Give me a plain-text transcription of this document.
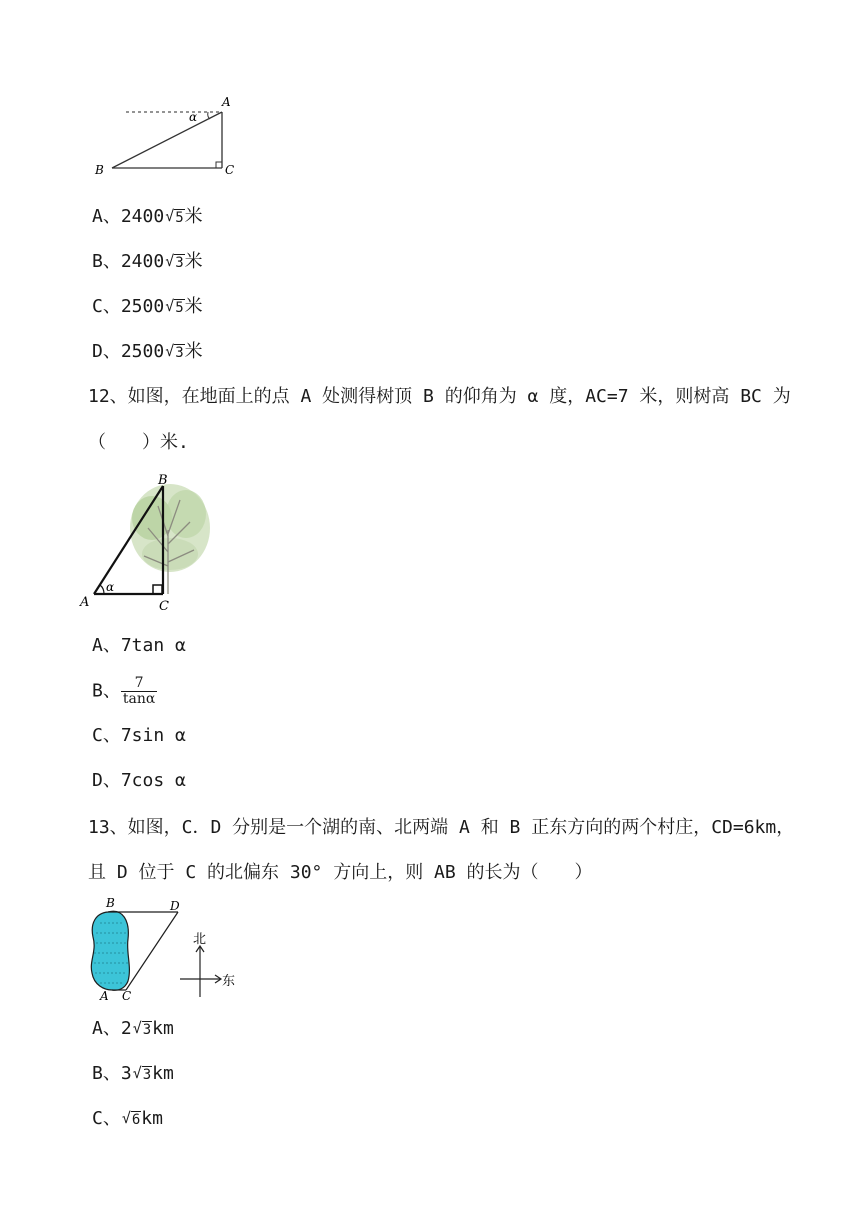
α
A
B	C
A、2400 √ 5米
B、2400 √ 3米
C、2500 √ 5米
D、2500 √ 3米
12、如图，在地面上的点 A 处测得树顶 B 的仰角为 α 度，AC=7 米，则树高 BC 为
（　　）米.
α
A
B
C
A、7tan α
B、 $\frac{7}{\tan\alpha}$
C、7sin α
D、7cos α
13、如图，C．D 分别是一个湖的南、北两端 A 和 B 正东方向的两个村庄，CD=6km，
且 D 位于 C 的北偏东 30° 方向上，则 AB 的长为（　　）
B	D
A C
北
东
A、2 √ 3km
B、3 √ 3km
C、 √ 6km
